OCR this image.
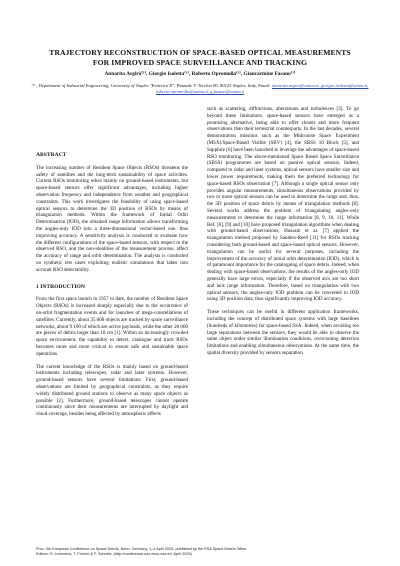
TRAJECTORY RECONSTRUCTION OF SPACE-BASED OPTICAL MEASUREMENTS
FOR IMPROVED SPACE SURVEILLANCE AND TRACKING
Annarita Argirò⁽¹⁾, Giorgio Isoletta⁽¹⁾, Roberto Opromolla⁽¹⁾, Giancarmine Fasano⁽¹⁾
⁽¹⁾ , Department of Industrial Engineering, University of Naples "Federico II", Piazzale V. Tecchio 80, 80125 Naples, Italy, Email: annarita.argiro@unina.it, giorgio.isoletta@unina.it, roberto.opromolla@unina.it, g.fasano@unina.it
ABSTRACT

The increasing number of Resident Space Objects (RSOs) threatens the safety of satellites and the long-term sustainability of space activities. Current RSOs monitoring relies mainly on ground-based instruments, but space-based sensors offer significant advantages, including higher observation frequency and independence from weather and geographical constraints. This work investigates the feasibility of using space-based optical sensors to determine the 3D position of RSOs by means of triangulation methods. Within the framework of Initial Orbit Determination (IOD), the obtained range information allows transforming the angles-only IOD into a three-dimensional vector-based one, thus improving accuracy. A sensitivity analysis is conducted to evaluate how the different configurations of the space-based sensors, with respect to the observed RSO, and the non-idealities of the measurement process, affect the accuracy of range and orbit determination. The analysis is conducted on synthetic test cases exploiting realistic simulations that takes into account RSO detectability.

1 INTRODUCTION

From the first space launch in 1957 to date, the number of Resident Space Objects (RSOs) is increased sharply especially due to the occurrence of on-orbit fragmentation events and for launches of mega-constellations of satellites. Currently, about 35 000 objects are tracked by space surveillance networks, about 9 100 of which are active payloads, while the other 26 000 are pieces of debris larger than 10 cm [1]. Within an increasingly crowded space environment, the capability to detect, catalogue and track RSOs becomes more and more critical to ensure safe and sustainable space operations.

The current knowledge of the RSOs is mainly based on ground-based instruments including telescopes, radar and laser systems. However, ground-based sensors have several limitations. First, ground-based observations are limited by geographical constraints, as they require widely distributed ground stations to observe as many space objects as possible [2]. Furthermore, ground-based telescopes cannot operate continuously since their measurements are interrupted by daylight and cloud coverage, besides being affected by atmospheric effects

such as scattering, diffractions, aberrations and turbulences [3]. To go beyond these limitations, space-based sensors have emerged as a promising alternative, being able to offer clearer and more frequent observations than their terrestrial counterparts. In the last decades, several demonstration missions such as the Midcourse Space Experiment (MSX)/Space-Based Visible (SBV) [4], the SBSS 10 Block [5], and Sapphire [6] have been launched to leverage the advantages of space-based RSO monitoring. The above-mentioned Space Based Space Surveillance (SBSS) programmes are based on passive optical sensors. Indeed, compared to radar and laser systems, optical sensors have smaller size and lower power requirements, making them the preferred technology for space-based RSOs observation [7]. Although a single optical sensor only provides angular measurements, simultaneous observations provided by two or more optical sensors can be used to determine the range and, thus, the 3D position of space debris by means of triangulation methods [8]. Several works address the problem of triangulating angles-only measurements to determine the range information [8, 9, 10, 11]. While Ref. [8], [9] and [10] have proposed triangulation algorithms when dealing with ground-based observations, Hussain et al. [7] applied the triangulation method proposed by Sanders-Reed [11] for RSOs tracking considering both ground-based and space-based optical sensors. However, triangulation can be useful for several purposes, including the improvement of the accuracy of initial orbit determination (IOD), which is of paramount importance for the cataloguing of space debris. Indeed, when dealing with space-based observations, the results of the angles-only IOD generally have large errors, especially if the observed arcs are too short and lack range information. Therefore, based on triangulation with two optical sensors, the angles-only IOD problem can be converted to IOD using 3D position data, thus significantly improving IOD accuracy.

These techniques can be useful in different application frameworks, including the concept of distributed space systems with large baselines (hundreds of kilometres) for space-based SSA. Indeed, when avoiding too large separations between the sensors, they would be able to observe the same object under similar illumination conditions, overcoming detection limitations and enabling simultaneous observations. At the same time, the spatial diversity provided by sensors separation

Proc. 9th European Conference on Space Debris, Bonn, Germany, 1–4 April 2025, published by the ESA Space Debris Office
Editors: S. Lemmens, T. Flohrer & F. Schmitz, (http://conference.sdo.esoc.esa.int, April 2025)
